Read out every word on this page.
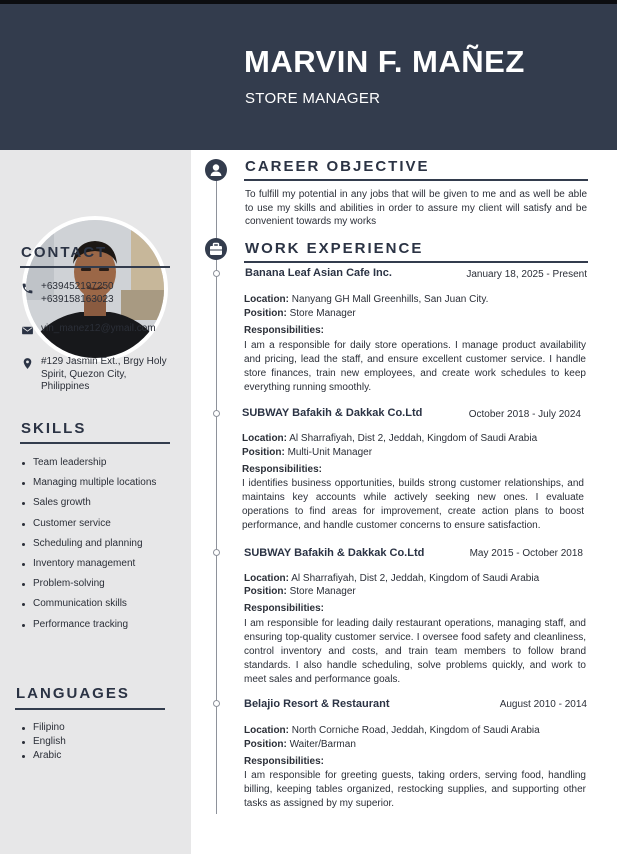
MARVIN F. MAÑEZ
STORE MANAGER
CONTACT
+639452197250
+639158163023
vin_manez12@ymail.com
#129 Jasmin Ext., Brgy Holy Spirit, Quezon City, Philippines
SKILLS
Team leadership
Managing multiple locations
Sales growth
Customer service
Scheduling and planning
Inventory management
Problem-solving
Communication skills
Performance tracking
LANGUAGES
Filipino
English
Arabic
CAREER OBJECTIVE
To fulfill my potential in any jobs that will be given to me and as well be able to use my skills and abilities in order to assure my client will satisfy and be convenient towards my works
WORK EXPERIENCE
Banana Leaf Asian Cafe Inc.	January 18, 2025 - Present
Location: Nanyang GH Mall Greenhills, San Juan City.
Position: Store Manager
Responsibilities:
I am a responsible for daily store operations. I manage product availability and pricing, lead the staff, and ensure excellent customer service. I handle store finances, train new employees, and create work schedules to keep everything running smoothly.
SUBWAY Bafakih & Dakkak Co.Ltd	October 2018 - July 2024
Location: Al Sharrafiyah, Dist 2, Jeddah, Kingdom of Saudi Arabia
Position: Multi-Unit Manager
Responsibilities:
I identifies business opportunities, builds strong customer relationships, and maintains key accounts while actively seeking new ones. I evaluate operations to find areas for improvement, create action plans to boost performance, and handle customer concerns to ensure satisfaction.
SUBWAY Bafakih & Dakkak Co.Ltd	May 2015 - October 2018
Location: Al Sharrafiyah, Dist 2, Jeddah, Kingdom of Saudi Arabia
Position: Store Manager
Responsibilities:
I am responsible for leading daily restaurant operations, managing staff, and ensuring top-quality customer service. I oversee food safety and cleanliness, control inventory and costs, and train team members to follow brand standards. I also handle scheduling, solve problems quickly, and work to meet sales and performance goals.
Belajio Resort & Restaurant	August 2010 - 2014
Location: North Corniche Road, Jeddah, Kingdom of Saudi Arabia
Position: Waiter/Barman
Responsibilities:
I am responsible for greeting guests, taking orders, serving food, handling billing, keeping tables organized, restocking supplies, and supporting other tasks as assigned by my superior.
